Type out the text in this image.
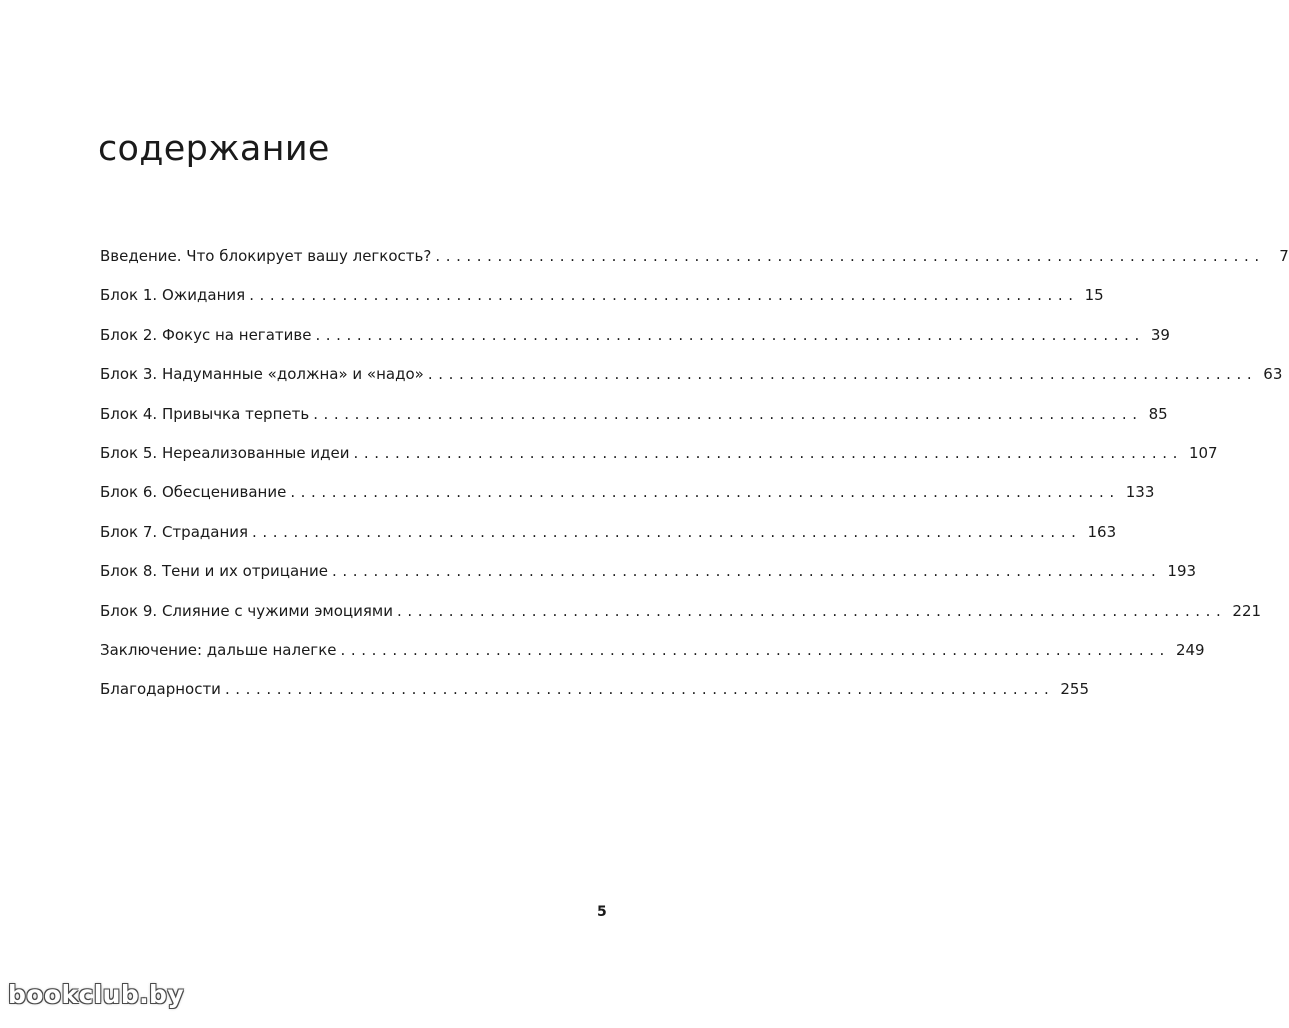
содержание
Введение. Что блокирует вашу легкость? ................................................................................ 7
Блок 1. Ожидания ................................................................................ 15
Блок 2. Фокус на негативе ................................................................................ 39
Блок 3. Надуманные «должна» и «надо» ................................................................................ 63
Блок 4. Привычка терпеть ................................................................................ 85
Блок 5. Нереализованные идеи ................................................................................ 107
Блок 6. Обесценивание ................................................................................ 133
Блок 7. Страдания ................................................................................ 163
Блок 8. Тени и их отрицание ................................................................................ 193
Блок 9. Слияние с чужими эмоциями ................................................................................ 221
Заключение: дальше налегке ................................................................................ 249
Благодарности ................................................................................ 255
5
bookclub.by
